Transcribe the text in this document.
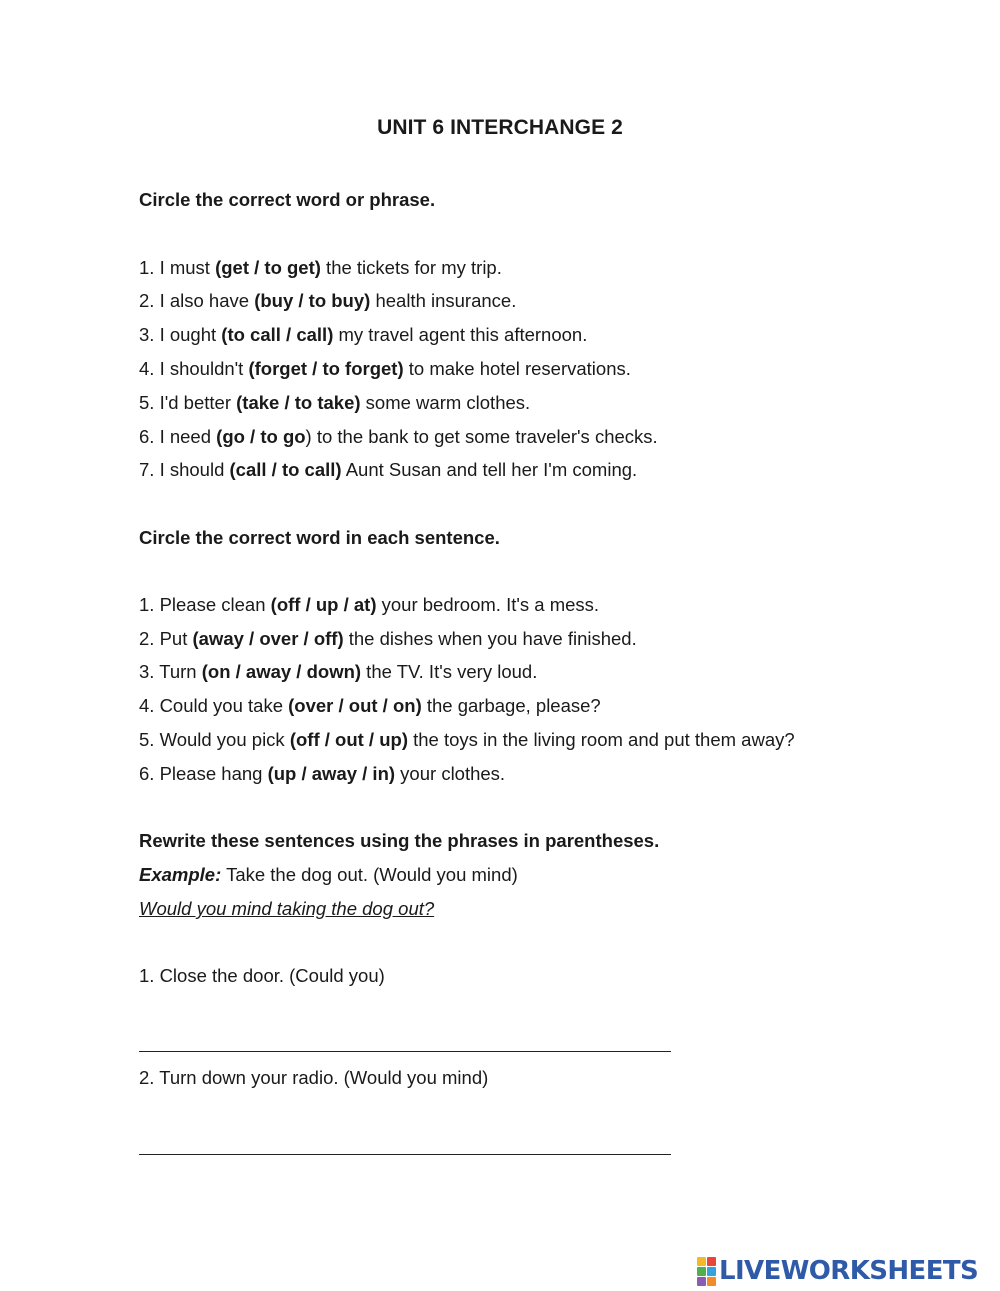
UNIT 6 INTERCHANGE 2
Circle the correct word or phrase.
1. I must (get / to get) the tickets for my trip.
2. I also have (buy / to buy) health insurance.
3. I ought (to call / call) my travel agent this afternoon.
4. I shouldn't (forget / to forget) to make hotel reservations.
5. I'd better (take / to take) some warm clothes.
6. I need (go / to go) to the bank to get some traveler's checks.
7. I should (call / to call) Aunt Susan and tell her I'm coming.
Circle the correct word in each sentence.
1. Please clean (off / up / at) your bedroom. It's a mess.
2. Put (away / over / off) the dishes when you have finished.
3. Turn (on / away / down) the TV. It's very loud.
4. Could you take (over / out / on) the garbage, please?
5. Would you pick (off / out / up) the toys in the living room and put them away?
6. Please hang (up / away / in) your clothes.
Rewrite these sentences using the phrases in parentheses.
Example: Take the dog out. (Would you mind)
Would you mind taking the dog out?
1. Close the door. (Could you)
2. Turn down your radio. (Would you mind)
LIVEWORKSHEETS
